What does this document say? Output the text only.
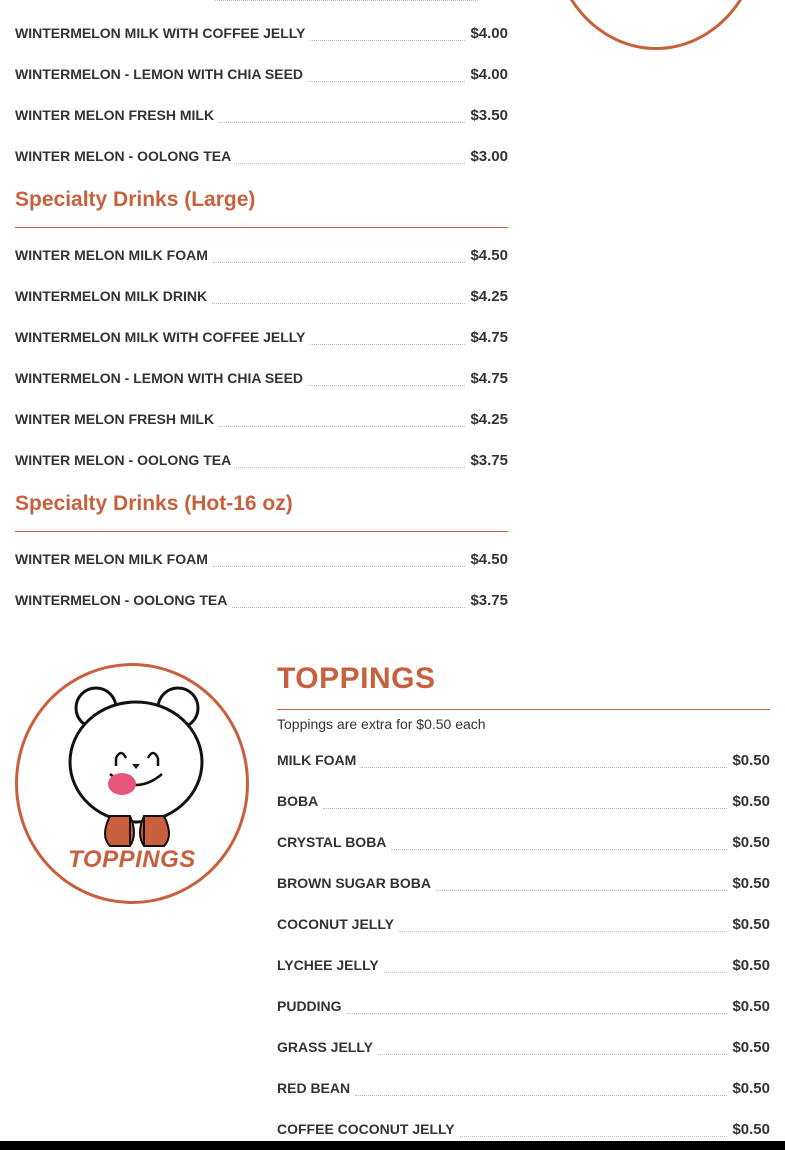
WINTERMELON MILK WITH COFFEE JELLY	$4.00
WINTERMELON - LEMON WITH CHIA SEED	$4.00
WINTER MELON FRESH MILK	$3.50
WINTER MELON - OOLONG TEA	$3.00
Specialty Drinks (Large)
WINTER MELON MILK FOAM	$4.50
WINTERMELON MILK DRINK	$4.25
WINTERMELON MILK WITH COFFEE JELLY	$4.75
WINTERMELON - LEMON WITH CHIA SEED	$4.75
WINTER MELON FRESH MILK	$4.25
WINTER MELON - OOLONG TEA	$3.75
Specialty Drinks (Hot-16 oz)
WINTER MELON MILK FOAM	$4.50
WINTERMELON - OOLONG TEA	$3.75
TOPPINGS
TOPPINGS
Toppings are extra for $0.50 each
MILK FOAM	$0.50
BOBA	$0.50
CRYSTAL BOBA	$0.50
BROWN SUGAR BOBA	$0.50
COCONUT JELLY	$0.50
LYCHEE JELLY	$0.50
PUDDING	$0.50
GRASS JELLY	$0.50
RED BEAN	$0.50
COFFEE COCONUT JELLY	$0.50
